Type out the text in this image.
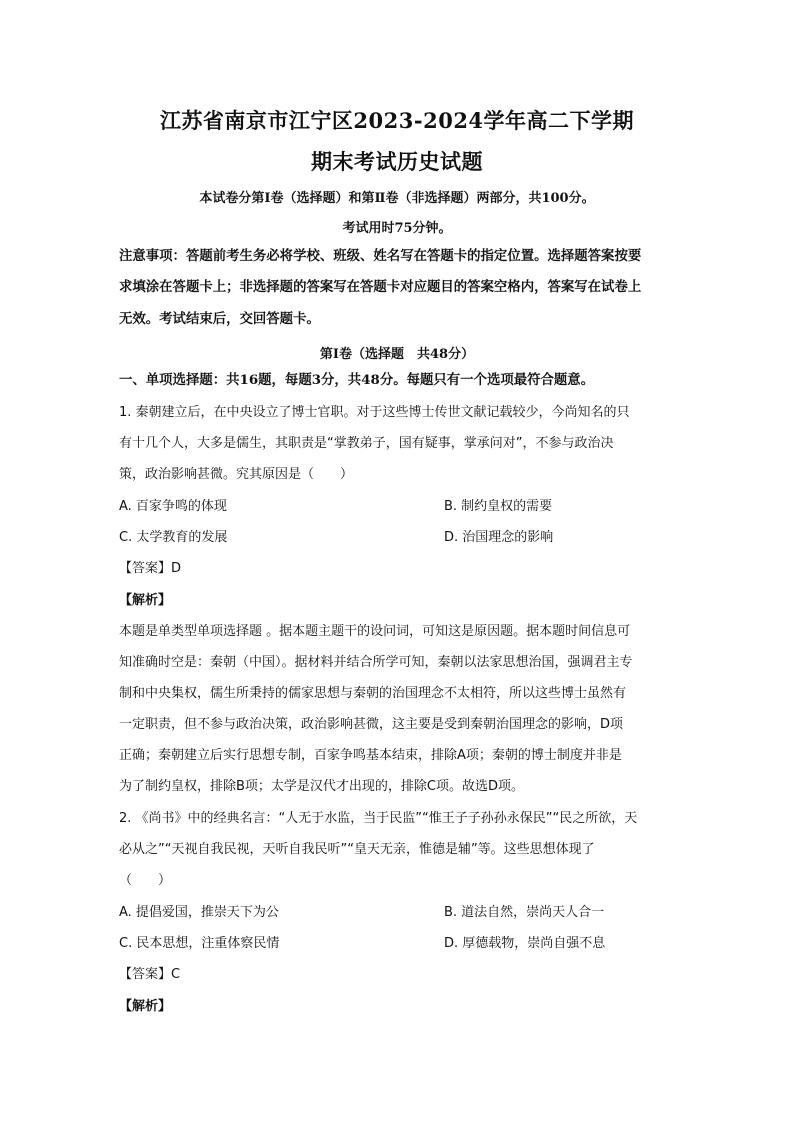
江苏省南京市江宁区2023-2024学年高二下学期
期末考试历史试题
本试卷分第Ⅰ卷（选择题）和第Ⅱ卷（非选择题）两部分，共100分。
考试用时75分钟。
注意事项：答题前考生务必将学校、班级、姓名写在答题卡的指定位置。选择题答案按要
求填涂在答题卡上；非选择题的答案写在答题卡对应题目的答案空格内，答案写在试卷上
无效。考试结束后，交回答题卡。
第Ⅰ卷（选择题　共48分）
一、单项选择题：共16题，每题3分，共48分。每题只有一个选项最符合题意。
1. 秦朝建立后，在中央设立了博士官职。对于这些博士传世文献记载较少，今尚知名的只
有十几个人，大多是儒生，其职责是“掌教弟子，国有疑事，掌承问对”，不参与政治决
策，政治影响甚微。究其原因是（　　）
A. 百家争鸣的体现	B. 制约皇权的需要
C. 太学教育的发展	D. 治国理念的影响
【答案】D
【解析】
本题是单类型单项选择题 。据本题主题干的设问词，可知这是原因题。据本题时间信息可
知准确时空是：秦朝（中国）。据材料并结合所学可知，秦朝以法家思想治国，强调君主专
制和中央集权，儒生所秉持的儒家思想与秦朝的治国理念不太相符，所以这些博士虽然有
一定职责，但不参与政治决策，政治影响甚微，这主要是受到秦朝治国理念的影响，D项
正确；秦朝建立后实行思想专制，百家争鸣基本结束，排除A项；秦朝的博士制度并非是
为了制约皇权，排除B项；太学是汉代才出现的，排除C项。故选D项。
2. 《尚书》中的经典名言：“人无于水监，当于民监”“惟王子子孙孙永保民”“民之所欲，天
必从之”“天视自我民视，天听自我民听”“皇天无亲，惟德是辅”等。这些思想体现了
（　　）
A. 提倡爱国，推崇天下为公	B. 道法自然，崇尚天人合一
C. 民本思想，注重体察民情	D. 厚德载物，崇尚自强不息
【答案】C
【解析】
